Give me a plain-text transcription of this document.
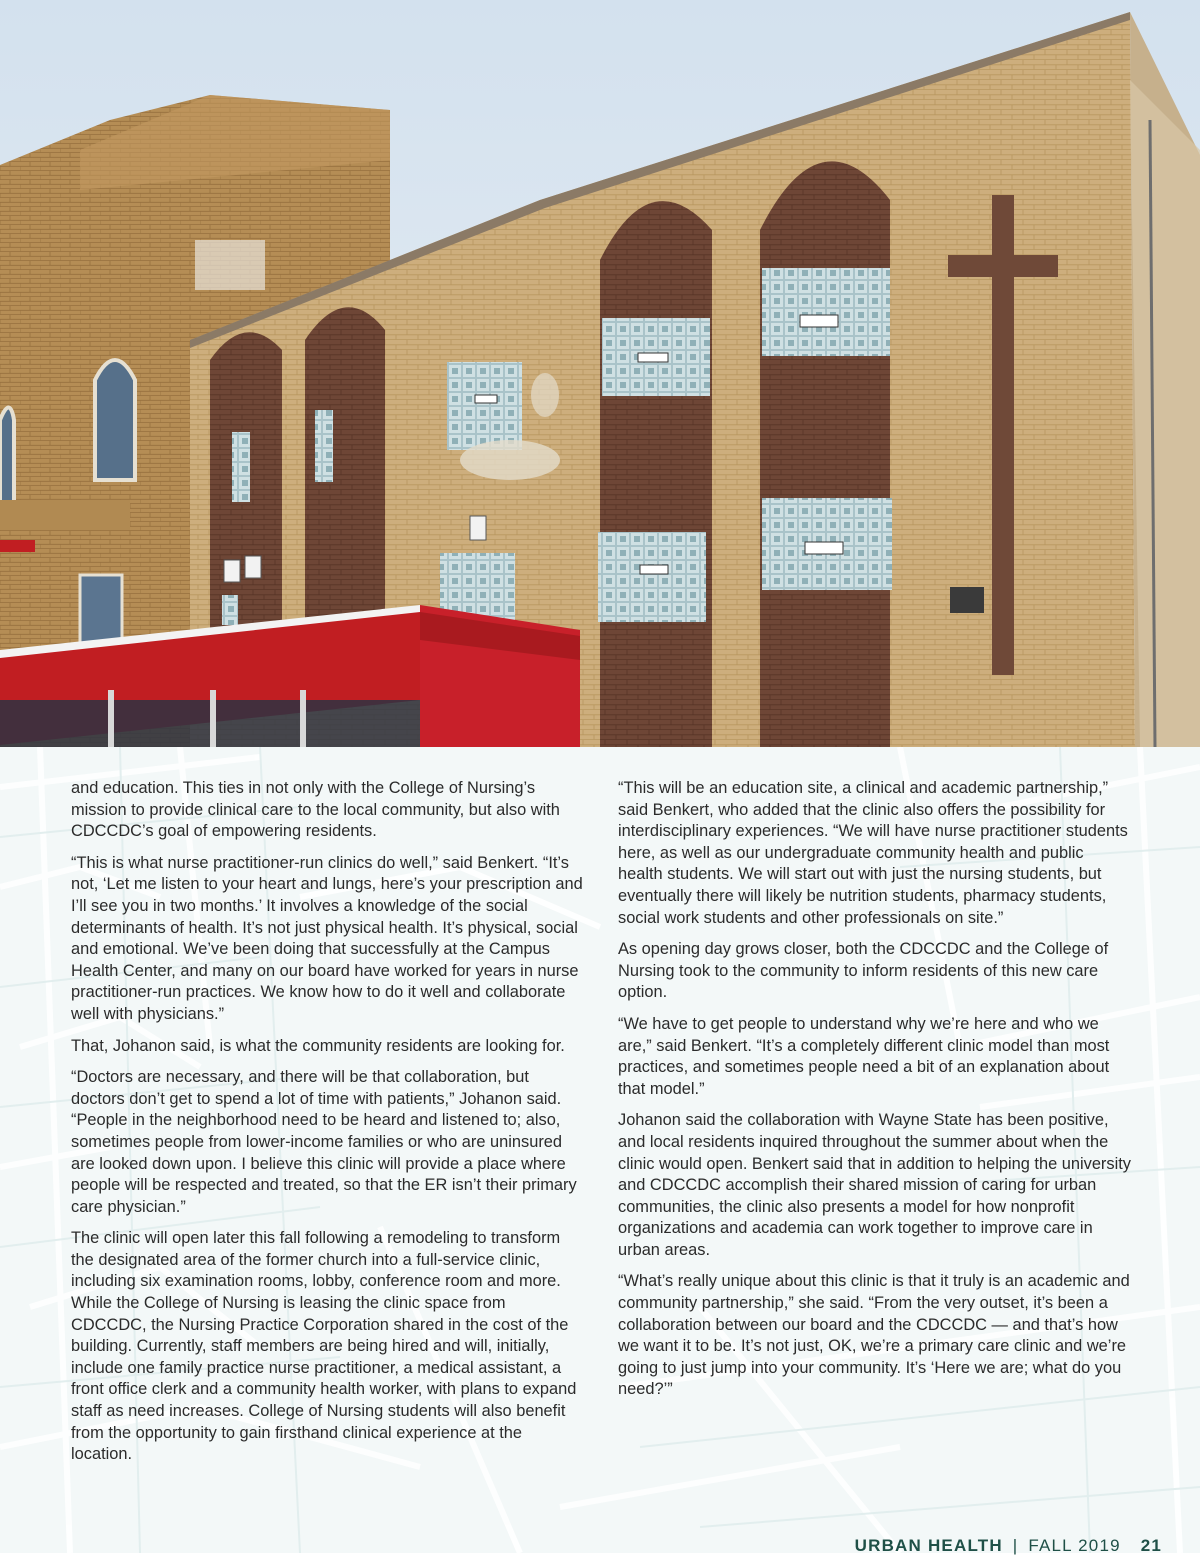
and education. This ties in not only with the College of Nursing’s mission to provide clinical care to the local community, but also with CDCCDC’s goal of empowering residents.

“This is what nurse practitioner-run clinics do well,” said Benkert. “It’s not, ‘Let me listen to your heart and lungs, here’s your prescription and I’ll see you in two months.’ It involves a knowledge of the social determinants of health. It’s not just physical health. It’s physical, social and emotional. We’ve been doing that successfully at the Campus Health Center, and many on our board have worked for years in nurse practitioner-run practices. We know how to do it well and collaborate well with physicians.”

That, Johanon said, is what the community residents are looking for.

“Doctors are necessary, and there will be that collaboration, but doctors don’t get to spend a lot of time with patients,” Johanon said. “People in the neighborhood need to be heard and listened to; also, sometimes people from lower-income families or who are uninsured are looked down upon. I believe this clinic will provide a place where people will be respected and treated, so that the ER isn’t their primary care physician.”

The clinic will open later this fall following a remodeling to transform the designated area of the former church into a full-service clinic, including six examination rooms, lobby, conference room and more. While the College of Nursing is leasing the clinic space from CDCCDC, the Nursing Practice Corporation shared in the cost of the building. Currently, staff members are being hired and will, initially, include one family practice nurse practitioner, a medical assistant, a front office clerk and a community health worker, with plans to expand staff as need increases. College of Nursing students will also benefit from the opportunity to gain firsthand clinical experience at the location.

“This will be an education site, a clinical and academic partnership,” said Benkert, who added that the clinic also offers the possibility for interdisciplinary experiences. “We will have nurse practitioner students here, as well as our undergraduate community health and public health students. We will start out with just the nursing students, but eventually there will likely be nutrition students, pharmacy students, social work students and other professionals on site.”

As opening day grows closer, both the CDCCDC and the College of Nursing took to the community to inform residents of this new care option.

“We have to get people to understand why we’re here and who we are,” said Benkert. “It’s a completely different clinic model than most practices, and sometimes people need a bit of an explanation about that model.”

Johanon said the collaboration with Wayne State has been positive, and local residents inquired throughout the summer about when the clinic would open. Benkert said that in addition to helping the university and CDCCDC accomplish their shared mission of caring for urban communities, the clinic also presents a model for how nonprofit organizations and academia can work together to improve care in urban areas.

“What’s really unique about this clinic is that it truly is an academic and community partnership,” she said. “From the very outset, it’s been a collaboration between our board and the CDCCDC — and that’s how we want it to be. It’s not just, OK, we’re a primary care clinic and we’re going to just jump into your community. It’s ‘Here we are; what do you need?’”

URBAN HEALTH | FALL 2019 21
